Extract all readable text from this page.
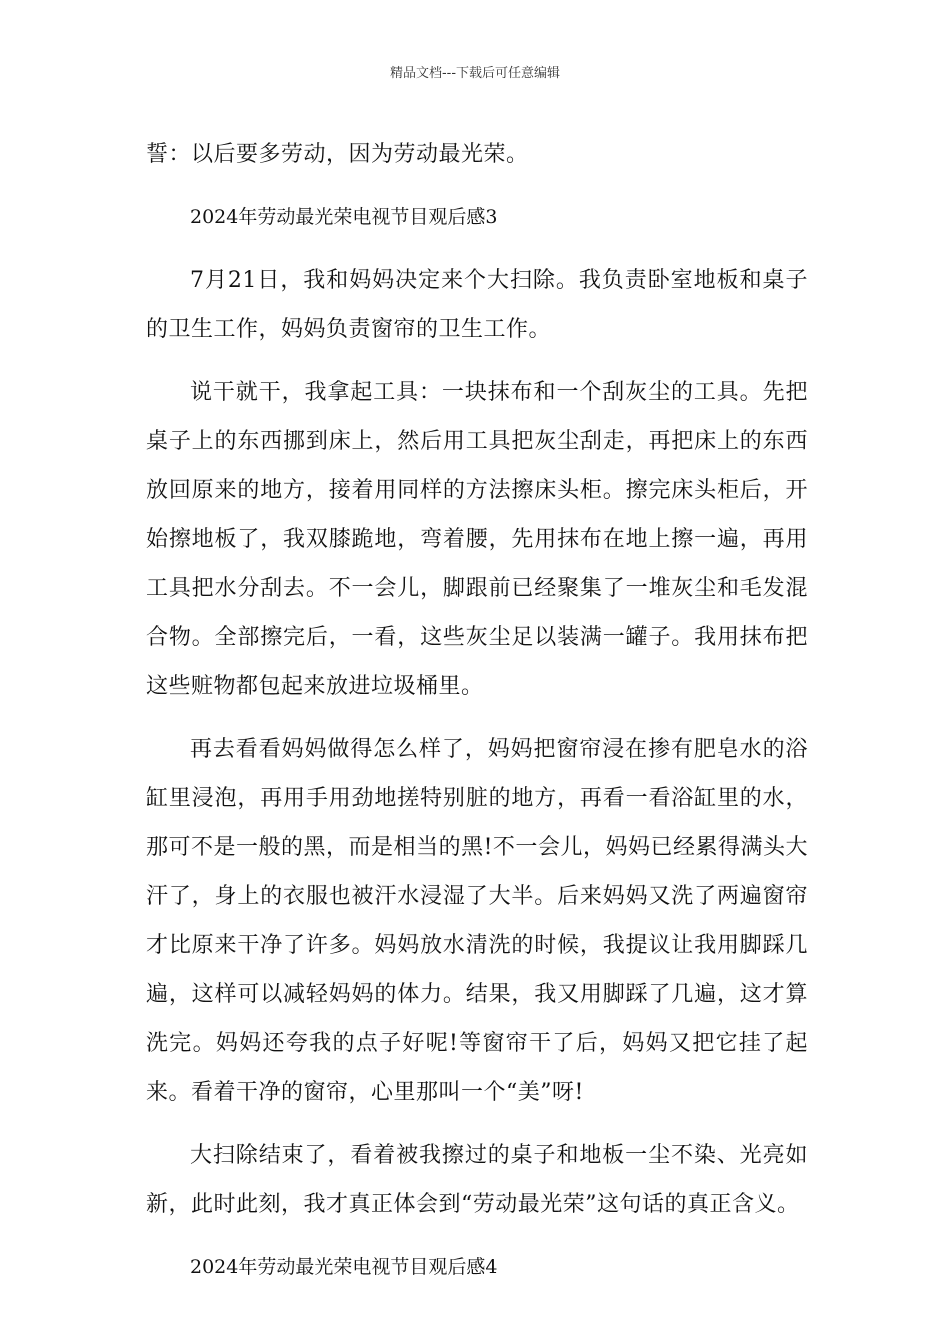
精品文档---下载后可任意编辑

誓：以后要多劳动，因为劳动最光荣。

2024年劳动最光荣电视节目观后感3

7月21日，我和妈妈决定来个大扫除。我负责卧室地板和桌子的卫生工作，妈妈负责窗帘的卫生工作。

说干就干，我拿起工具：一块抹布和一个刮灰尘的工具。先把桌子上的东西挪到床上，然后用工具把灰尘刮走，再把床上的东西放回原来的地方，接着用同样的方法擦床头柜。擦完床头柜后，开始擦地板了，我双膝跪地，弯着腰，先用抹布在地上擦一遍，再用工具把水分刮去。不一会儿，脚跟前已经聚集了一堆灰尘和毛发混合物。全部擦完后，一看，这些灰尘足以装满一罐子。我用抹布把这些赃物都包起来放进垃圾桶里。

再去看看妈妈做得怎么样了，妈妈把窗帘浸在掺有肥皂水的浴缸里浸泡，再用手用劲地搓特别脏的地方，再看一看浴缸里的水，那可不是一般的黑，而是相当的黑!不一会儿，妈妈已经累得满头大汗了，身上的衣服也被汗水浸湿了大半。后来妈妈又洗了两遍窗帘才比原来干净了许多。妈妈放水清洗的时候，我提议让我用脚踩几遍，这样可以减轻妈妈的体力。结果，我又用脚踩了几遍，这才算洗完。妈妈还夸我的点子好呢!等窗帘干了后，妈妈又把它挂了起来。看着干净的窗帘，心里那叫一个“美”呀!

大扫除结束了，看着被我擦过的桌子和地板一尘不染、光亮如新，此时此刻，我才真正体会到“劳动最光荣”这句话的真正含义。

2024年劳动最光荣电视节目观后感4
